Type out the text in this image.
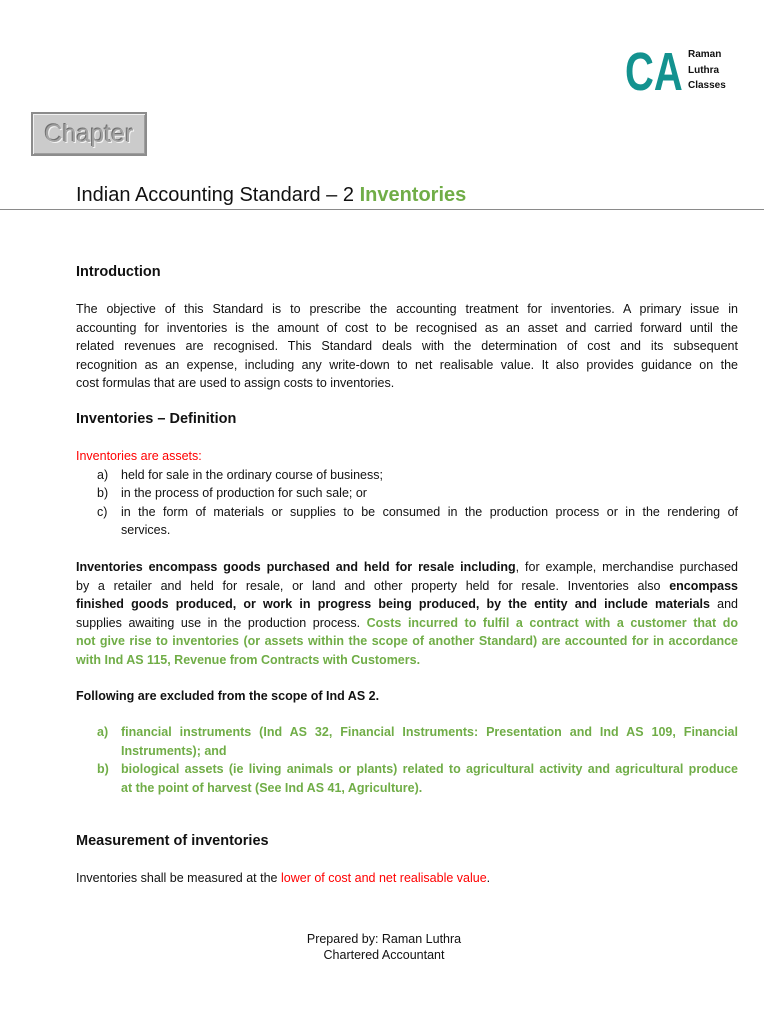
CA Raman
Luthra
Classes
Chapter
Indian Accounting Standard – 2 Inventories
Introduction
The objective of this Standard is to prescribe the accounting treatment for inventories. A primary issue in
accounting for inventories is the amount of cost to be recognised as an asset and carried forward until the
related revenues are recognised. This Standard deals with the determination of cost and its subsequent
recognition as an expense, including any write-down to net realisable value. It also provides guidance on the
cost formulas that are used to assign costs to inventories.
Inventories – Definition
Inventories are assets:
a) held for sale in the ordinary course of business;
b) in the process of production for such sale; or
c) in the form of materials or supplies to be consumed in the production process or in the rendering of
services.
Inventories encompass goods purchased and held for resale including, for example, merchandise purchased
by a retailer and held for resale, or land and other property held for resale. Inventories also encompass
finished goods produced, or work in progress being produced, by the entity and include materials and
supplies awaiting use in the production process. Costs incurred to fulfil a contract with a customer that do
not give rise to inventories (or assets within the scope of another Standard) are accounted for in accordance
with Ind AS 115, Revenue from Contracts with Customers.
Following are excluded from the scope of Ind AS 2.
a) financial instruments (Ind AS 32, Financial Instruments: Presentation and Ind AS 109, Financial
Instruments); and
b) biological assets (ie living animals or plants) related to agricultural activity and agricultural produce
at the point of harvest (See Ind AS 41, Agriculture).
Measurement of inventories
Inventories shall be measured at the lower of cost and net realisable value.
Prepared by: Raman Luthra
Chartered Accountant
